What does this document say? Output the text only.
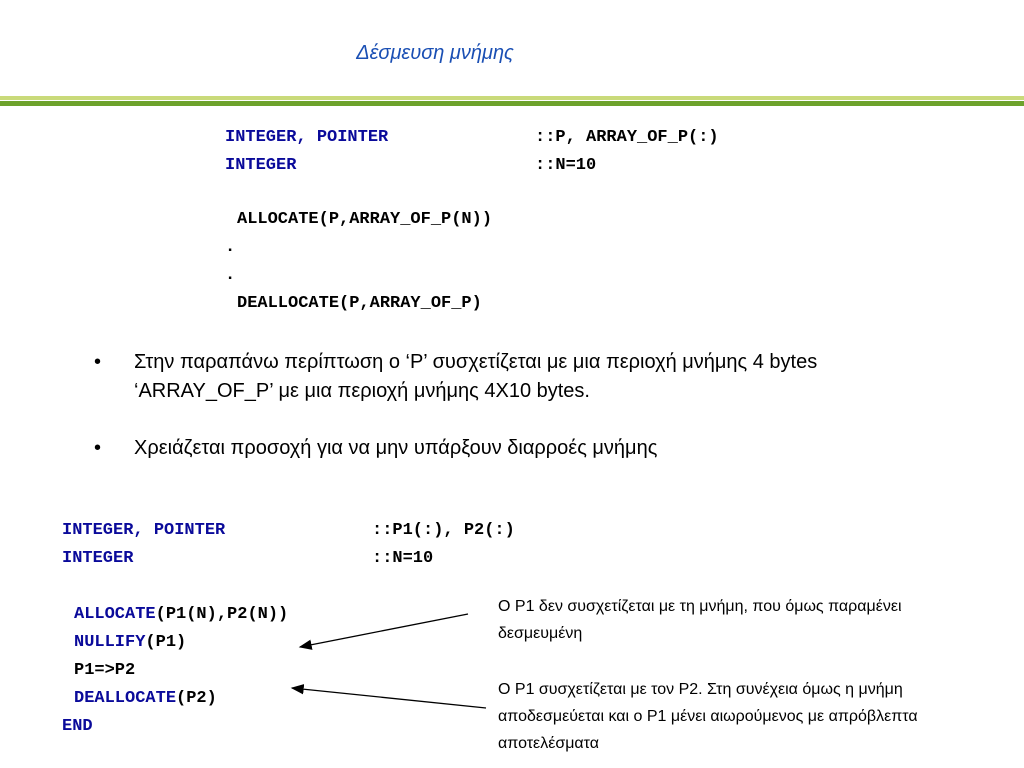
Δέσμευση μνήμης
INTEGER, POINTER	::P, ARRAY_OF_P(:)
INTEGER	::N=10
ALLOCATE(P,ARRAY_OF_P(N))
.
.
DEALLOCATE(P,ARRAY_OF_P)
• Στην παραπάνω περίπτωση ο ‘P’ συσχετίζεται με μια περιοχή μνήμης 4 bytes ‘ARRAY_OF_P’ με μια περιοχή μνήμης 4X10 bytes.
• Χρειάζεται προσοχή για να μην υπάρξουν διαρροές μνήμης
INTEGER, POINTER	::P1(:), P2(:)
INTEGER	::N=10
ALLOCATE(P1(N),P2(N))
NULLIFY(P1)
P1=>P2
DEALLOCATE(P2)
END
Ο P1 δεν συσχετίζεται με τη μνήμη, που όμως παραμένει δεσμευμένη
Ο P1 συσχετίζεται με τον P2. Στη συνέχεια όμως η μνήμη αποδεσμεύεται και ο P1 μένει αιωρούμενος με απρόβλεπτα αποτελέσματα
